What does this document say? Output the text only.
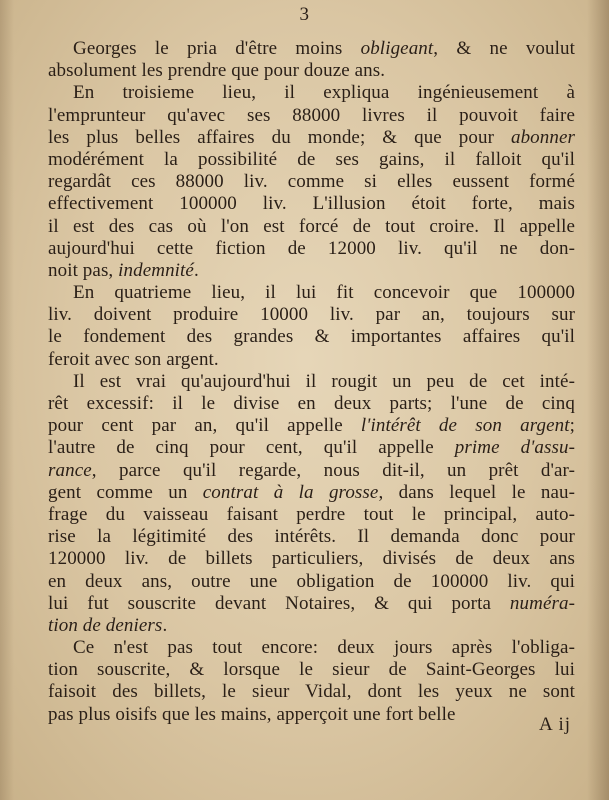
3
Georges le pria d'être moins obligeant, & ne voulut
absolument les prendre que pour douze ans.
En troisieme lieu, il expliqua ingénieusement à
l'emprunteur qu'avec ses 88000 livres il pouvoit faire
les plus belles affaires du monde; & que pour abonner
modérément la possibilité de ses gains, il falloit qu'il
regardât ces 88000 liv. comme si elles eussent formé
effectivement 100000 liv. L'illusion étoit forte, mais
il est des cas où l'on est forcé de tout croire. Il appelle
aujourd'hui cette fiction de 12000 liv. qu'il ne don-
noit pas, indemnité.
En quatrieme lieu, il lui fit concevoir que 100000
liv. doivent produire 10000 liv. par an, toujours sur
le fondement des grandes & importantes affaires qu'il
feroit avec son argent.
Il est vrai qu'aujourd'hui il rougit un peu de cet inté-
rêt excessif: il le divise en deux parts; l'une de cinq
pour cent par an, qu'il appelle l'intérêt de son argent;
l'autre de cinq pour cent, qu'il appelle prime d'assu-
rance, parce qu'il regarde, nous dit-il, un prêt d'ar-
gent comme un contrat à la grosse, dans lequel le nau-
frage du vaisseau faisant perdre tout le principal, auto-
rise la légitimité des intérêts. Il demanda donc pour
120000 liv. de billets particuliers, divisés de deux ans
en deux ans, outre une obligation de 100000 liv. qui
lui fut souscrite devant Notaires, & qui porta numéra-
tion de deniers.
Ce n'est pas tout encore: deux jours après l'obliga-
tion souscrite, & lorsque le sieur de Saint-Georges lui
faisoit des billets, le sieur Vidal, dont les yeux ne sont
pas plus oisifs que les mains, apperçoit une fort belle	A ij
